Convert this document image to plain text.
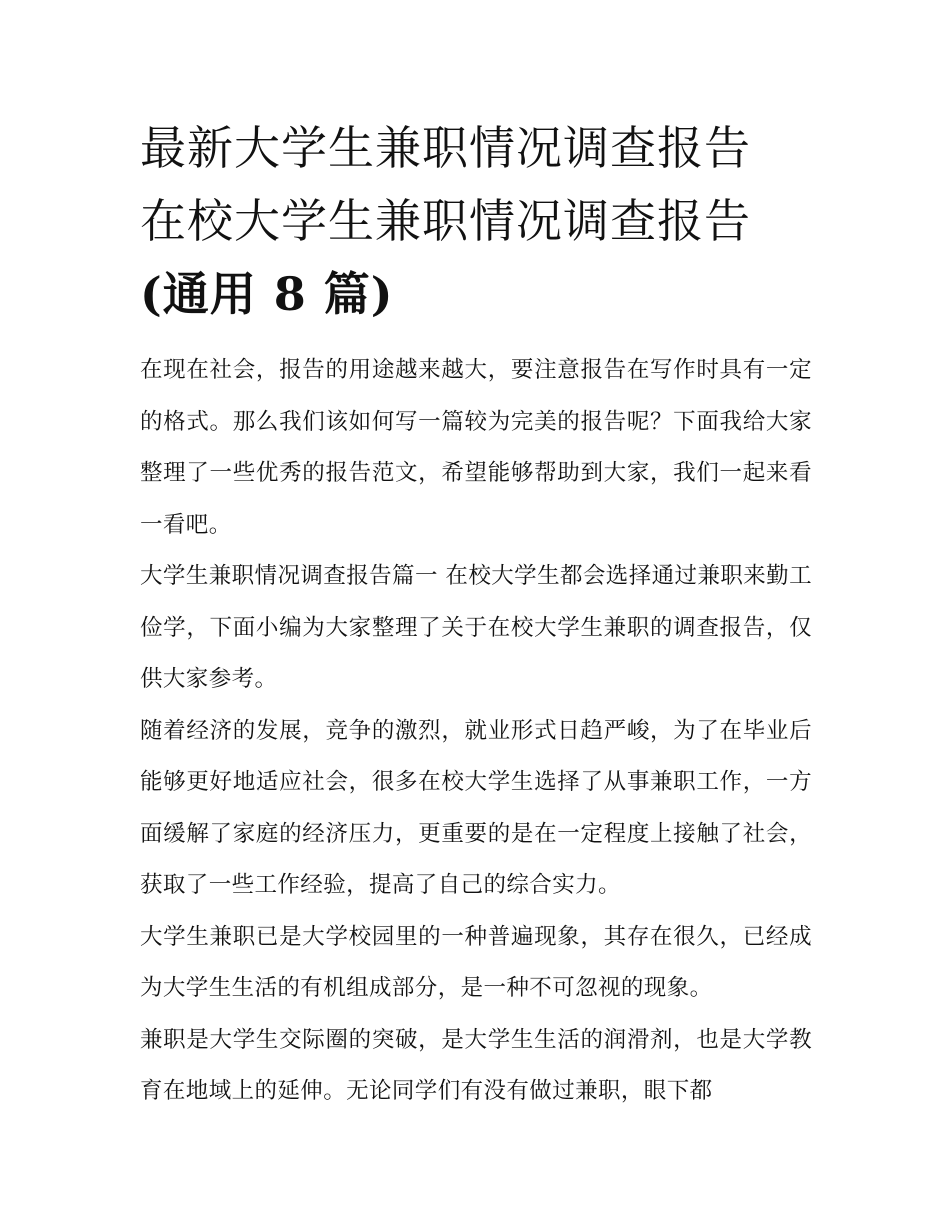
最新大学生兼职情况调查报告
在校大学生兼职情况调查报告
(通用 8 篇)

在现在社会，报告的用途越来越大，要注意报告在写作时具有一定的格式。那么我们该如何写一篇较为完美的报告呢？下面我给大家整理了一些优秀的报告范文，希望能够帮助到大家，我们一起来看一看吧。

大学生兼职情况调查报告篇一 在校大学生都会选择通过兼职来勤工俭学，下面小编为大家整理了关于在校大学生兼职的调查报告，仅供大家参考。

随着经济的发展，竞争的激烈，就业形式日趋严峻，为了在毕业后能够更好地适应社会，很多在校大学生选择了从事兼职工作，一方面缓解了家庭的经济压力，更重要的是在一定程度上接触了社会，获取了一些工作经验，提高了自己的综合实力。

大学生兼职已是大学校园里的一种普遍现象，其存在很久，已经成为大学生生活的有机组成部分，是一种不可忽视的现象。

兼职是大学生交际圈的突破，是大学生生活的润滑剂，也是大学教育在地域上的延伸。无论同学们有没有做过兼职，眼下都
